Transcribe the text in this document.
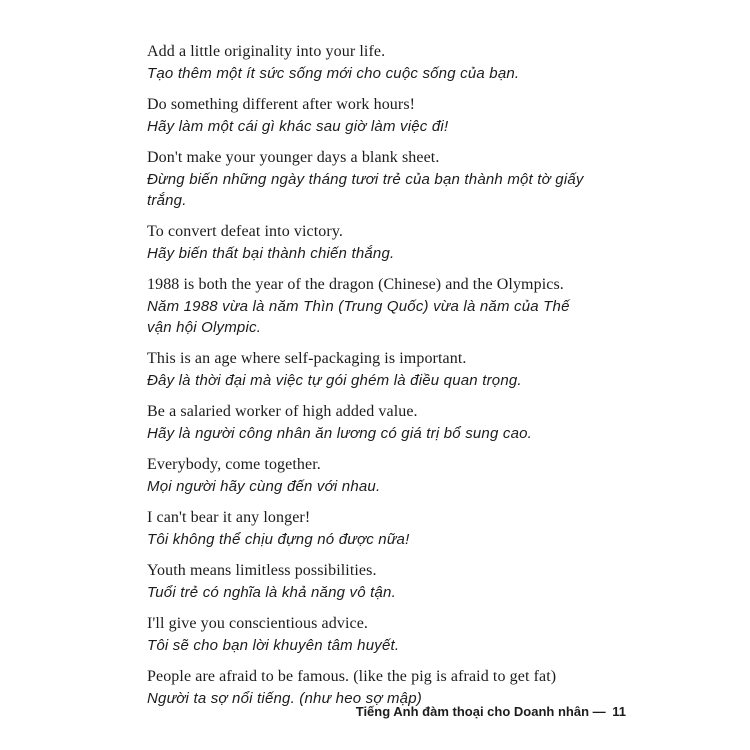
Add a little originality into your life.
Tạo thêm một ít sức sống mới cho cuộc sống của bạn.
Do something different after work hours!
Hãy làm một cái gì khác sau giờ làm việc đi!
Don't make your younger days a blank sheet.
Đừng biến những ngày tháng tươi trẻ của bạn thành một tờ giấy
trắng.
To convert defeat into victory.
Hãy biến thất bại thành chiến thắng.
1988 is both the year of the dragon (Chinese) and the Olympics.
Năm 1988 vừa là năm Thìn (Trung Quốc) vừa là năm của Thế
vận hội Olympic.
This is an age where self-packaging is important.
Đây là thời đại mà việc tự gói ghém là điều quan trọng.
Be a salaried worker of high added value.
Hãy là người công nhân ăn lương có giá trị bổ sung cao.
Everybody, come together.
Mọi người hãy cùng đến với nhau.
I can't bear it any longer!
Tôi không thể chịu đựng nó được nữa!
Youth means limitless possibilities.
Tuổi trẻ có nghĩa là khả năng vô tận.
I'll give you conscientious advice.
Tôi sẽ cho bạn lời khuyên tâm huyết.
People are afraid to be famous. (like the pig is afraid to get fat)
Người ta sợ nổi tiếng. (như heo sợ mập)
Tiếng Anh đàm thoại cho Doanh nhân — 11
